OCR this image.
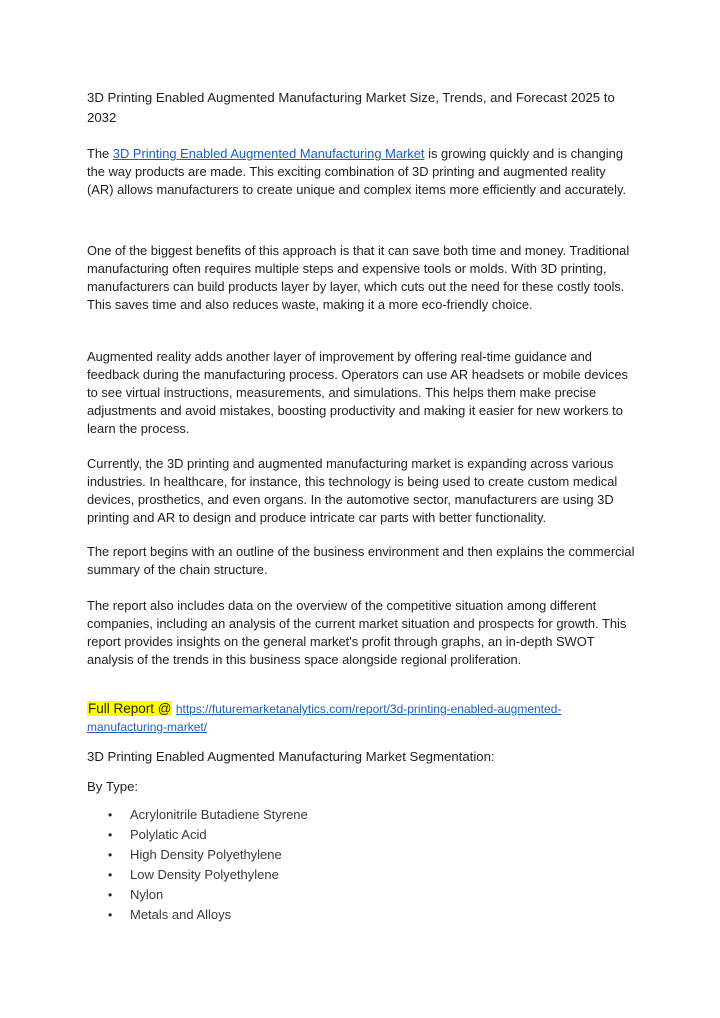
3D Printing Enabled Augmented Manufacturing Market Size, Trends, and Forecast 2025 to 2032

The 3D Printing Enabled Augmented Manufacturing Market is growing quickly and is changing the way products are made. This exciting combination of 3D printing and augmented reality (AR) allows manufacturers to create unique and complex items more efficiently and accurately.

One of the biggest benefits of this approach is that it can save both time and money. Traditional manufacturing often requires multiple steps and expensive tools or molds. With 3D printing, manufacturers can build products layer by layer, which cuts out the need for these costly tools. This saves time and also reduces waste, making it a more eco-friendly choice.

Augmented reality adds another layer of improvement by offering real-time guidance and feedback during the manufacturing process. Operators can use AR headsets or mobile devices to see virtual instructions, measurements, and simulations. This helps them make precise adjustments and avoid mistakes, boosting productivity and making it easier for new workers to learn the process.

Currently, the 3D printing and augmented manufacturing market is expanding across various industries. In healthcare, for instance, this technology is being used to create custom medical devices, prosthetics, and even organs. In the automotive sector, manufacturers are using 3D printing and AR to design and produce intricate car parts with better functionality.

The report begins with an outline of the business environment and then explains the commercial summary of the chain structure.

The report also includes data on the overview of the competitive situation among different companies, including an analysis of the current market situation and prospects for growth. This report provides insights on the general market's profit through graphs, an in-depth SWOT analysis of the trends in this business space alongside regional proliferation.

Full Report @ https://futuremarketanalytics.com/report/3d-printing-enabled-augmented-manufacturing-market/
3D Printing Enabled Augmented Manufacturing Market Segmentation:
By Type:
• Acrylonitrile Butadiene Styrene
• Polylatic Acid
• High Density Polyethylene
• Low Density Polyethylene
• Nylon
• Metals and Alloys
